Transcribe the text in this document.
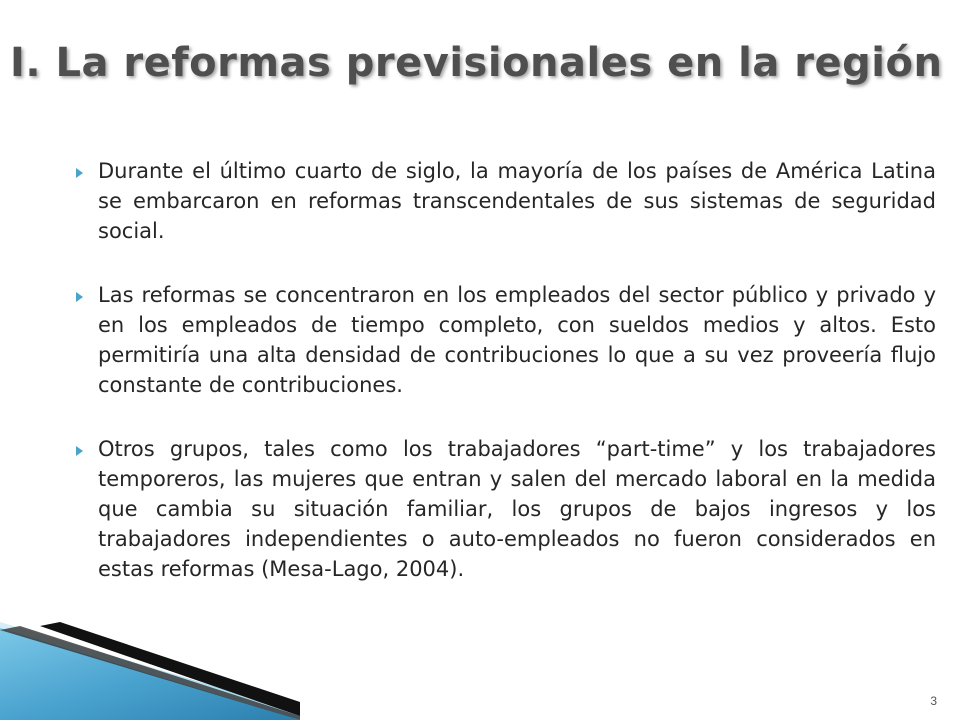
I. La reformas previsionales en la región
Durante el último cuarto de siglo, la mayoría de los países de América Latina se embarcaron en reformas transcendentales de sus sistemas de seguridad social.
Las reformas se concentraron en los empleados del sector público y privado y en los empleados de tiempo completo, con sueldos medios y altos. Esto permitiría una alta densidad de contribuciones lo que a su vez proveería flujo constante de contribuciones.
Otros grupos, tales como los trabajadores “part-time” y los trabajadores temporeros, las mujeres que entran y salen del mercado laboral en la medida que cambia su situación familiar, los grupos de bajos ingresos y los trabajadores independientes o auto-empleados no fueron considerados en estas reformas (Mesa-Lago, 2004).
3
